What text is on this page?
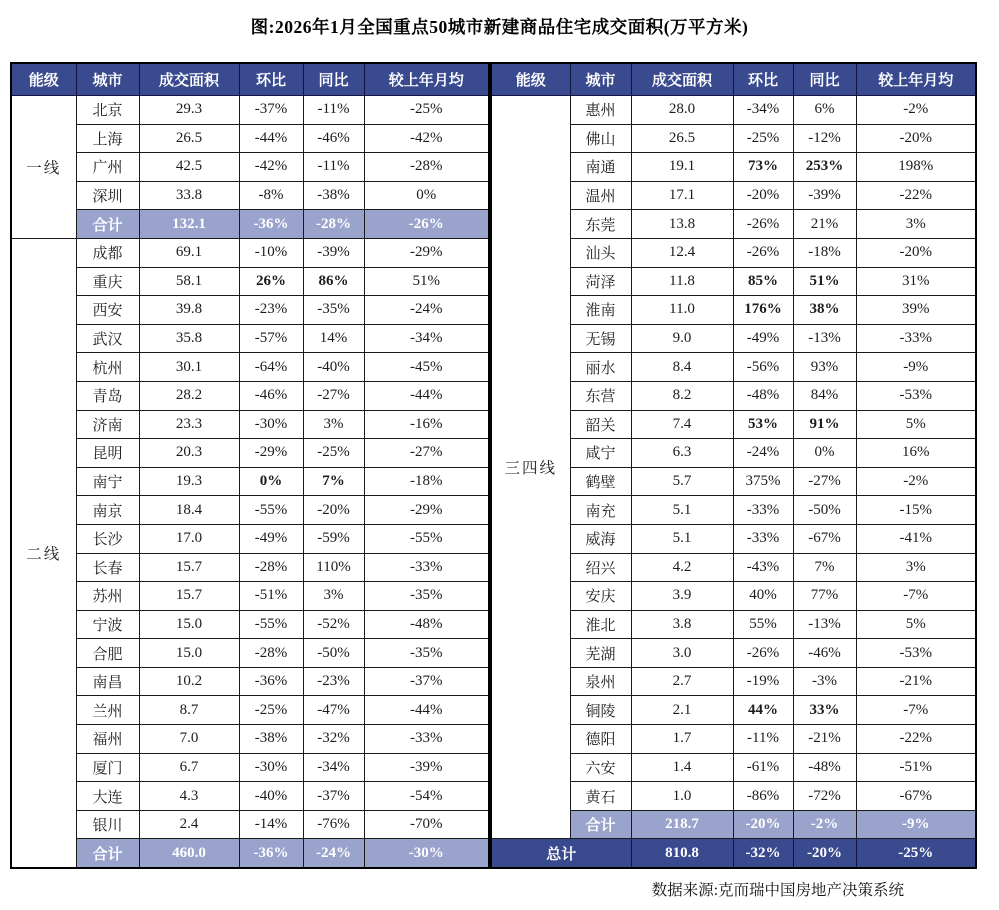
图:2026年1月全国重点50城市新建商品住宅成交面积(万平方米)
能级	城市	成交面积	环比	同比	较上年月均
一线	北京	29.3	-37%	-11%	-25%
	上海	26.5	-44%	-46%	-42%
	广州	42.5	-42%	-11%	-28%
	深圳	33.8	-8%	-38%	0%
	合计	132.1	-36%	-28%	-26%
二线	成都	69.1	-10%	-39%	-29%
	重庆	58.1	26%	86%	51%
	西安	39.8	-23%	-35%	-24%
	武汉	35.8	-57%	14%	-34%
	杭州	30.1	-64%	-40%	-45%
	青岛	28.2	-46%	-27%	-44%
	济南	23.3	-30%	3%	-16%
	昆明	20.3	-29%	-25%	-27%
	南宁	19.3	0%	7%	-18%
	南京	18.4	-55%	-20%	-29%
	长沙	17.0	-49%	-59%	-55%
	长春	15.7	-28%	110%	-33%
	苏州	15.7	-51%	3%	-35%
	宁波	15.0	-55%	-52%	-48%
	合肥	15.0	-28%	-50%	-35%
	南昌	10.2	-36%	-23%	-37%
	兰州	8.7	-25%	-47%	-44%
	福州	7.0	-38%	-32%	-33%
	厦门	6.7	-30%	-34%	-39%
	大连	4.3	-40%	-37%	-54%
	银川	2.4	-14%	-76%	-70%
	合计	460.0	-36%	-24%	-30%
能级	城市	成交面积	环比	同比	较上年月均
三四线	惠州	28.0	-34%	6%	-2%
	佛山	26.5	-25%	-12%	-20%
	南通	19.1	73%	253%	198%
	温州	17.1	-20%	-39%	-22%
	东莞	13.8	-26%	21%	3%
	汕头	12.4	-26%	-18%	-20%
	菏泽	11.8	85%	51%	31%
	淮南	11.0	176%	38%	39%
	无锡	9.0	-49%	-13%	-33%
	丽水	8.4	-56%	93%	-9%
	东营	8.2	-48%	84%	-53%
	韶关	7.4	53%	91%	5%
	咸宁	6.3	-24%	0%	16%
	鹤壁	5.7	375%	-27%	-2%
	南充	5.1	-33%	-50%	-15%
	威海	5.1	-33%	-67%	-41%
	绍兴	4.2	-43%	7%	3%
	安庆	3.9	40%	77%	-7%
	淮北	3.8	55%	-13%	5%
	芜湖	3.0	-26%	-46%	-53%
	泉州	2.7	-19%	-3%	-21%
	铜陵	2.1	44%	33%	-7%
	德阳	1.7	-11%	-21%	-22%
	六安	1.4	-61%	-48%	-51%
	黄石	1.0	-86%	-72%	-67%
	合计	218.7	-20%	-2%	-9%
总计		810.8	-32%	-20%	-25%
数据来源:克而瑞中国房地产决策系统
